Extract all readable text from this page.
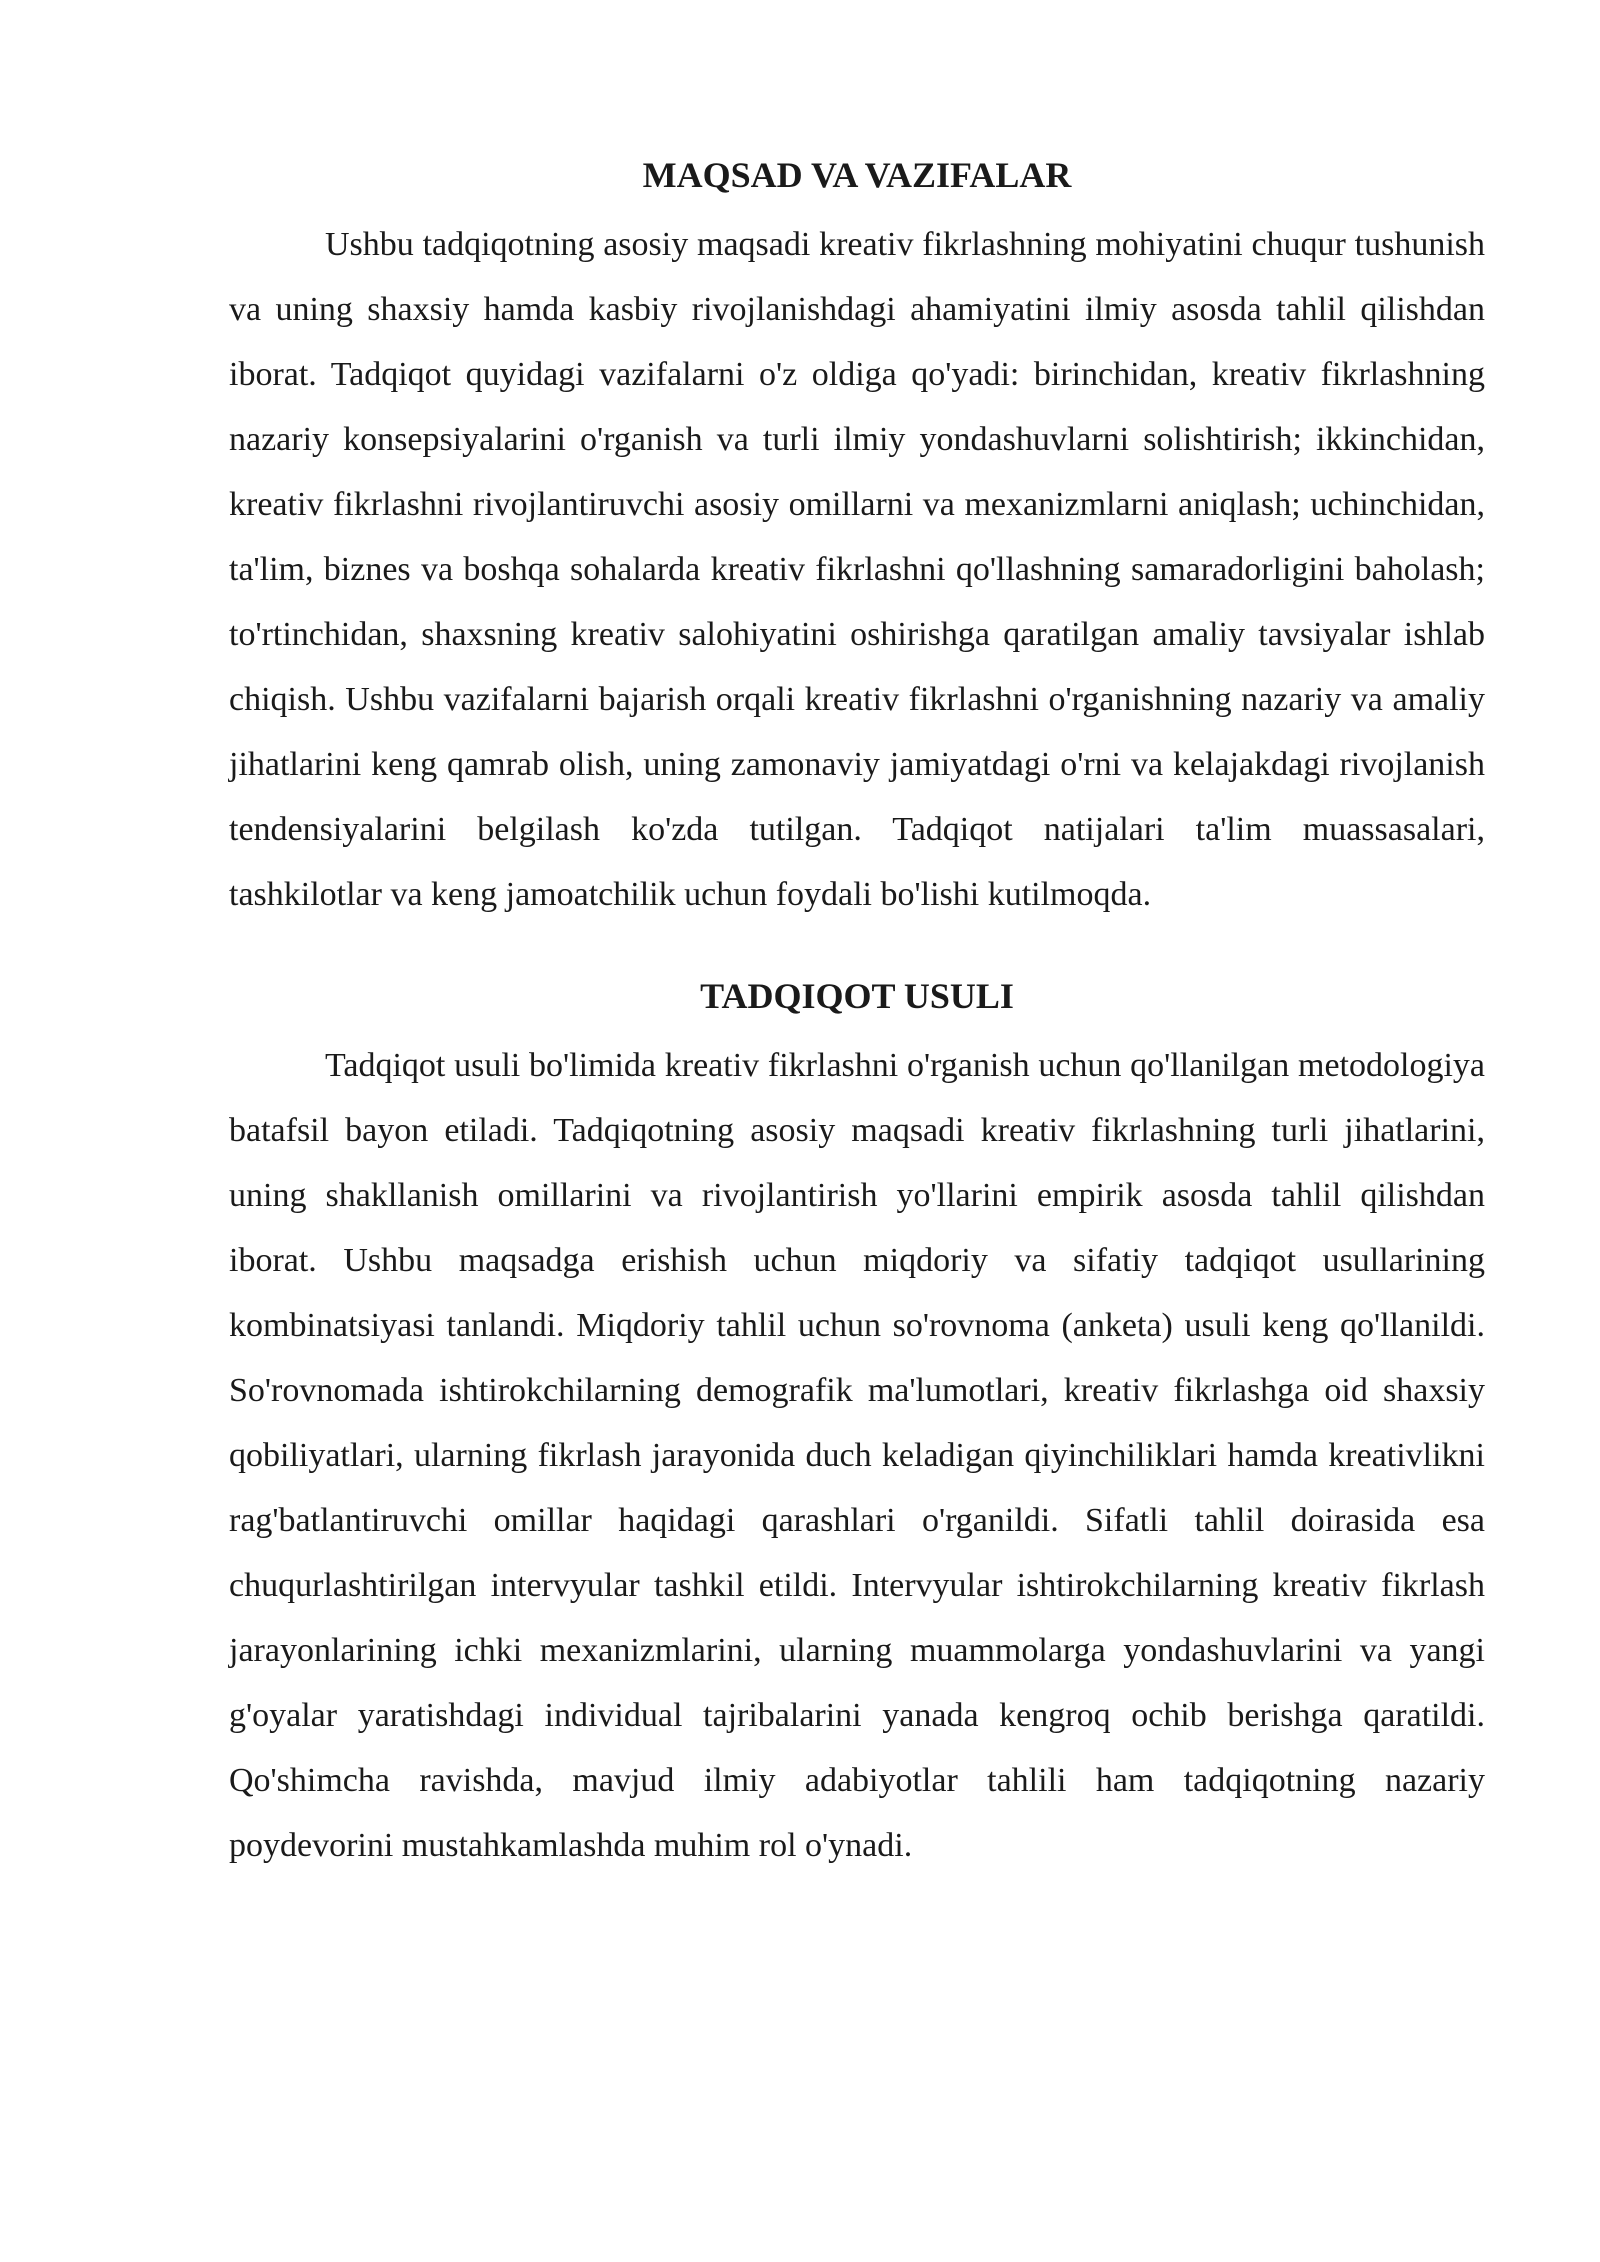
MAQSAD VA VAZIFALAR

Ushbu tadqiqotning asosiy maqsadi kreativ fikrlashning mohiyatini chuqur tushunish va uning shaxsiy hamda kasbiy rivojlanishdagi ahamiyatini ilmiy asosda tahlil qilishdan iborat. Tadqiqot quyidagi vazifalarni o'z oldiga qo'yadi: birinchidan, kreativ fikrlashning nazariy konsepsiyalarini o'rganish va turli ilmiy yondashuvlarni solishtirish; ikkinchidan, kreativ fikrlashni rivojlantiruvchi asosiy omillarni va mexanizmlarni aniqlash; uchinchidan, ta'lim, biznes va boshqa sohalarda kreativ fikrlashni qo'llashning samaradorligini baholash; to'rtinchidan, shaxsning kreativ salohiyatini oshirishga qaratilgan amaliy tavsiyalar ishlab chiqish. Ushbu vazifalarni bajarish orqali kreativ fikrlashni o'rganishning nazariy va amaliy jihatlarini keng qamrab olish, uning zamonaviy jamiyatdagi o'rni va kelajakdagi rivojlanish tendensiyalarini belgilash ko'zda tutilgan. Tadqiqot natijalari ta'lim muassasalari, tashkilotlar va keng jamoatchilik uchun foydali bo'lishi kutilmoqda.

TADQIQOT USULI

Tadqiqot usuli bo'limida kreativ fikrlashni o'rganish uchun qo'llanilgan metodologiya batafsil bayon etiladi. Tadqiqotning asosiy maqsadi kreativ fikrlashning turli jihatlarini, uning shakllanish omillarini va rivojlantirish yo'llarini empirik asosda tahlil qilishdan iborat. Ushbu maqsadga erishish uchun miqdoriy va sifatiy tadqiqot usullarining kombinatsiyasi tanlandi. Miqdoriy tahlil uchun so'rovnoma (anketa) usuli keng qo'llanildi. So'rovnomada ishtirokchilarning demografik ma'lumotlari, kreativ fikrlashga oid shaxsiy qobiliyatlari, ularning fikrlash jarayonida duch keladigan qiyinchiliklari hamda kreativlikni rag'batlantiruvchi omillar haqidagi qarashlari o'rganildi. Sifatli tahlil doirasida esa chuqurlashtirilgan intervyular tashkil etildi. Intervyular ishtirokchilarning kreativ fikrlash jarayonlarining ichki mexanizmlarini, ularning muammolarga yondashuvlarini va yangi g'oyalar yaratishdagi individual tajribalarini yanada kengroq ochib berishga qaratildi. Qo'shimcha ravishda, mavjud ilmiy adabiyotlar tahlili ham tadqiqotning nazariy poydevorini mustahkamlashda muhim rol o'ynadi.
